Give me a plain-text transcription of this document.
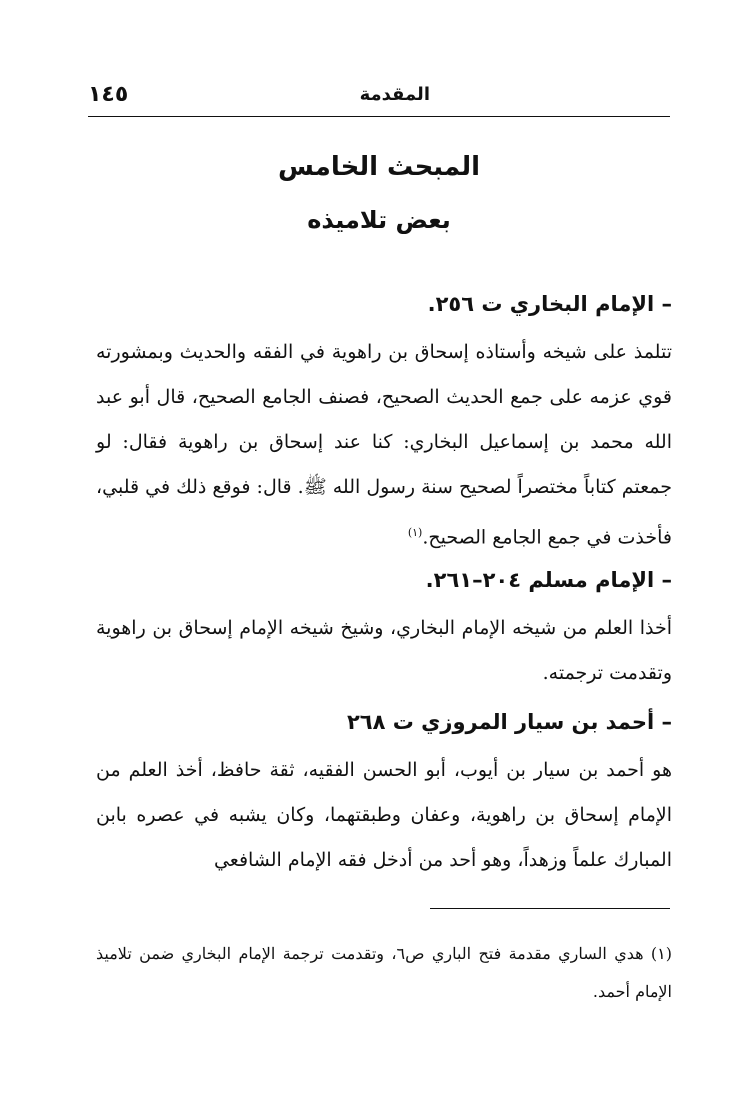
المقدمة
١٤٥
المبحث الخامس
بعض تلاميذه
– الإمام البخاري ت ٢٥٦.
تتلمذ على شيخه وأستاذه إسحاق بن راهوية في الفقه والحديث وبمشورته قوي عزمه على جمع الحديث الصحيح، فصنف الجامع الصحيح، قال أبو عبد الله محمد بن إسماعيل البخاري: كنا عند إسحاق بن راهوية فقال: لو جمعتم كتاباً مختصراً لصحيح سنة رسول الله ﷺ. قال: فوقع ذلك في قلبي، فأخذت في جمع الجامع الصحيح.$^{(١)}$
– الإمام مسلم ٢٠٤–٢٦١.
أخذا العلم من شيخه الإمام البخاري، وشيخ شيخه الإمام إسحاق بن راهوية وتقدمت ترجمته.
– أحمد بن سيار المروزي ت ٢٦٨
هو أحمد بن سيار بن أيوب، أبو الحسن الفقيه، ثقة حافظ، أخذ العلم من الإمام إسحاق بن راهوية، وعفان وطبقتهما، وكان يشبه في عصره بابن المبارك علماً وزهداً، وهو أحد من أدخل فقه الإمام الشافعي
(١) هدي الساري مقدمة فتح الباري ص٦، وتقدمت ترجمة الإمام البخاري ضمن تلاميذ الإمام أحمد.
